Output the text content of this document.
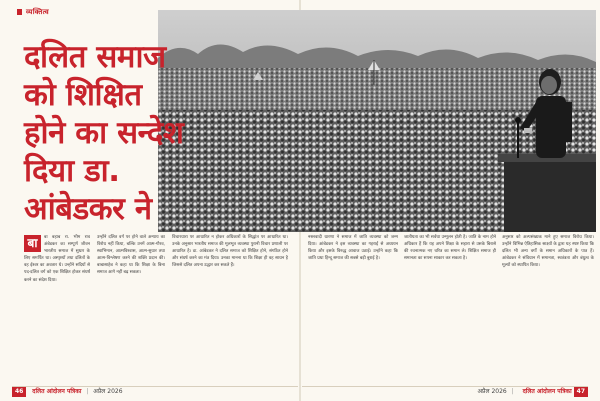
व्यक्तित्व
दलित समाज
को शिक्षित
होने का सन्देश
दिया डा.
आंबेडकर ने
बा	बा बहाब रा. भीम राव अंबेडकर का सम्पूर्ण जीवन भारतीय समाज में सुधार के लिए समर्पित था। अस्पृश्यों तथा दलितों के वह ईश्वर का अवतार थे। उन्होंने सदियों से पद-दलित वर्ग को एक शिक्षित होकर संघर्ष करने का संदेश दिया।
उन्होंने दलित वर्ग पर होने वाले अन्याय का विरोध नहीं किया, बल्कि उनमें आत्म-गौरव, स्वाभिमान, आत्मविश्वास, आत्म-सुधार तथा आत्म-विश्लेषण करने की शक्ति प्रदान की। बाबासाहेब ने कहा था कि शिक्षा के बिना समाज आगे नहीं बढ़ सकता।
विचारधारा पर आधारित न होकर अधिकारों के सिद्धांत पर आधारित था। उनके अनुसार भारतीय समाज की मूलभूत व्यवस्था पुरानी विचार प्रणाली पर आधारित है। डा. आंबेडकर ने दलित समाज को शिक्षित होने, संगठित होने और संघर्ष करने का मंत्र दिया। उनका मानना था कि शिक्षा ही वह साधन है जिससे दलित अपना उद्धार कर सकते हैं।
नस्लवादी धारणा ने समाज में जाति व्यवस्था को जन्म दिया। आंबेडकर ने इस व्यवस्था का गहराई से अध्ययन किया और इसके विरुद्ध आवाज उठाई। उन्होंने कहा कि जाति प्रथा हिन्दू समाज की सबसे बड़ी बुराई है।
जातीयता का भी सर्वथा उन्मूलन होती है। जाति के नाम होने अधिकार हैं कि यह अपने शिक्षा के सहारा से उसके बिरासे की रचनात्मक नए चरित्र का समान ले। शिक्षित समाज ही समानता का सपना साकार कर सकता है।
अनुसार को अल्पसंख्यक माने हुए समाज विरोध किया। उन्होंने विभिन्न ऐतिहासिक साक्ष्यों के द्वारा यह स्पष्ट किया कि दलित भी अन्य वर्गों के समान अधिकारों के पात्र हैं। आंबेडकर ने संविधान में समानता, स्वतंत्रता और बंधुत्व के मूल्यों को स्थापित किया।
46 दलित आंदोलन पत्रिका | अप्रैल 2026	अप्रैल 2026 | दलित आंदोलन पत्रिका 47
